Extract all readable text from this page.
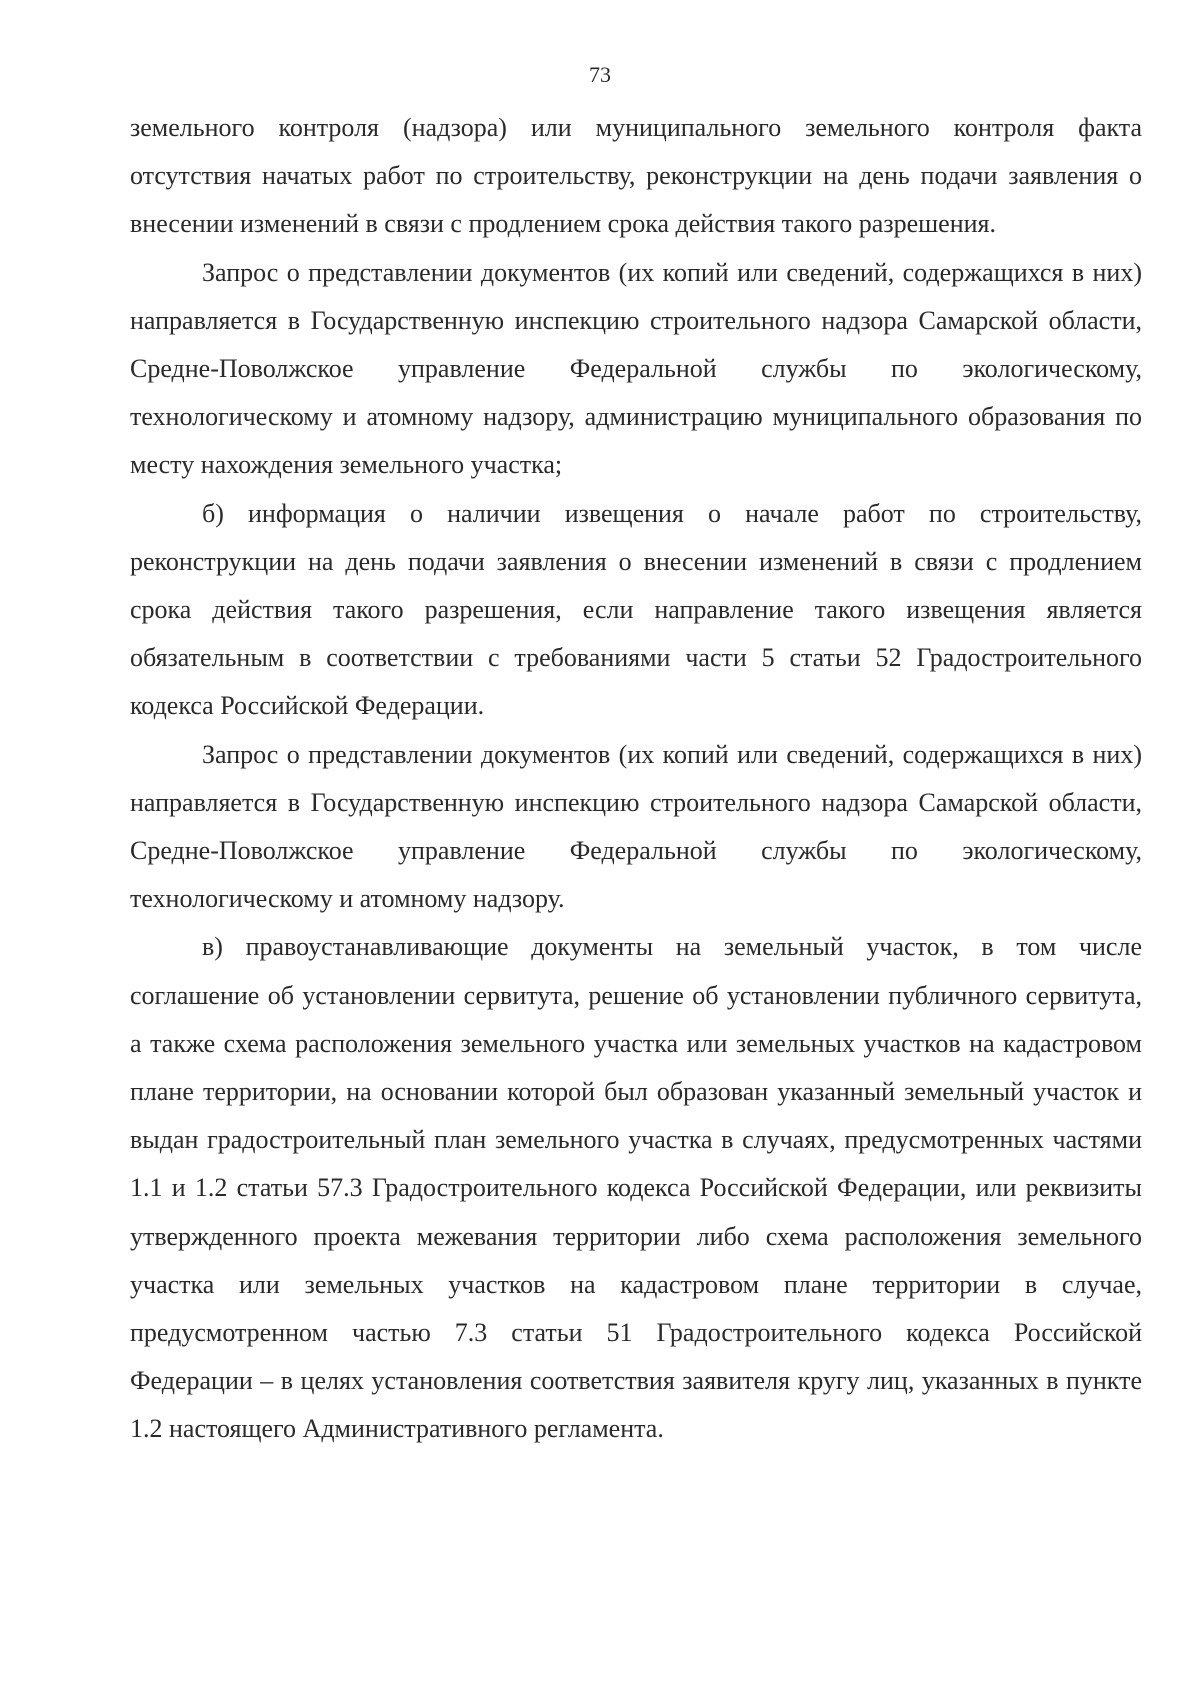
73

земельного контроля (надзора) или муниципального земельного контроля факта отсутствия начатых работ по строительству, реконструкции на день подачи заявления о внесении изменений в связи с продлением срока действия такого разрешения.

Запрос о представлении документов (их копий или сведений, содержащихся в них) направляется в Государственную инспекцию строительного надзора Самарской области, Средне-Поволжское управление Федеральной службы по экологическому, технологическому и атомному надзору, администрацию муниципального образования по месту нахождения земельного участка;

б) информация о наличии извещения о начале работ по строительству, реконструкции на день подачи заявления о внесении изменений в связи с продлением срока действия такого разрешения, если направление такого извещения является обязательным в соответствии с требованиями части 5 статьи 52 Градостроительного кодекса Российской Федерации.

Запрос о представлении документов (их копий или сведений, содержащихся в них) направляется в Государственную инспекцию строительного надзора Самарской области, Средне-Поволжское управление Федеральной службы по экологическому, технологическому и атомному надзору.

в) правоустанавливающие документы на земельный участок, в том числе соглашение об установлении сервитута, решение об установлении публичного сервитута, а также схема расположения земельного участка или земельных участков на кадастровом плане территории, на основании которой был образован указанный земельный участок и выдан градостроительный план земельного участка в случаях, предусмотренных частями 1.1 и 1.2 статьи 57.3 Градостроительного кодекса Российской Федерации, или реквизиты утвержденного проекта межевания территории либо схема расположения земельного участка или земельных участков на кадастровом плане территории в случае, предусмотренном частью 7.3 статьи 51 Градостроительного кодекса Российской Федерации – в целях установления соответствия заявителя кругу лиц, указанных в пункте 1.2 настоящего Административного регламента.
